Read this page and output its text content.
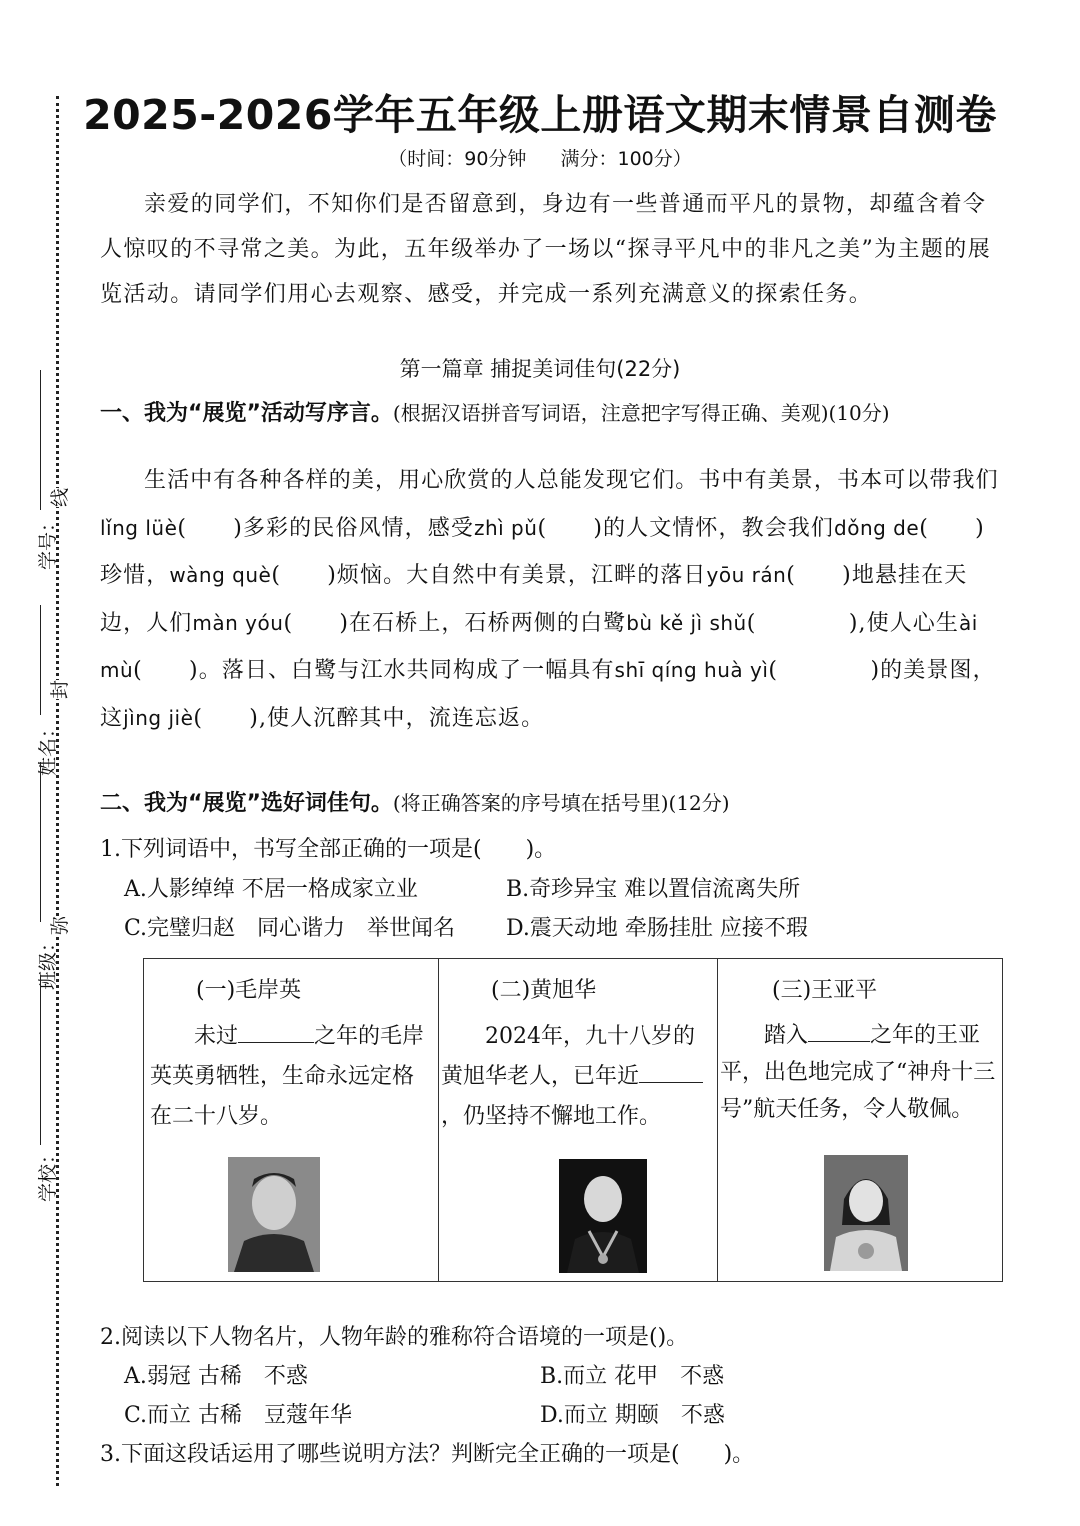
学号：
线
封
姓名：
弥
班级：
学校：
2025-2026学年五年级上册语文期末情景自测卷
（时间：90分钟 满分：100分）

亲爱的同学们，不知你们是否留意到，身边有一些普通而平凡的景物，却蕴含着令人惊叹的不寻常之美。为此，五年级举办了一场以“探寻平凡中的非凡之美”为主题的展览活动。请同学们用心去观察、感受，并完成一系列充满意义的探索任务。

第一篇章 捕捉美词佳句(22分)
一、我为“展览”活动写序言。(根据汉语拼音写词语，注意把字写得正确、美观)(10分)

生活中有各种各样的美，用心欣赏的人总能发现它们。书中有美景，书本可以带我们lǐng lüè(　　)多彩的民俗风情，感受zhì pǔ(　　)的人文情怀，教会我们dǒng de(　　)珍惜，wàng què(　　)烦恼。大自然中有美景，江畔的落日yōu rán(　　)地悬挂在天边，人们màn yóu(　　)在石桥上，石桥两侧的白鹭bù kě jì shǔ(　　　　),使人心生ài mù(　　)。落日、白鹭与江水共同构成了一幅具有shī qíng huà yì(　　　　)的美景图，这jìng jiè(　　),使人沉醉其中，流连忘返。

二、我为“展览”选好词佳句。(将正确答案的序号填在括号里)(12分)
1.下列词语中，书写全部正确的一项是(　　)。
A.人影绰绰 不居一格成家立业	B.奇珍异宝 难以置信流离失所
C.完璧归赵　同心谐力　举世闻名 D.震天动地 牵肠挂肚 应接不瑕
(一)毛岸英

未过	之年的毛岸英英勇牺牲，生命永远定格在二十八岁。

(二)黄旭华

2024年，九十八岁的黄旭华老人，已年近，仍坚持不懈地工作。

(三)王亚平

踏入	之年的王亚平，出色地完成了“神舟十三号”航天任务，令人敬佩。

2.阅读以下人物名片，人物年龄的雅称符合语境的一项是()。
A.弱冠 古稀　不惑	B.而立 花甲　不惑
C.而立 古稀　豆蔻年华	D.而立 期颐　不惑
3.下面这段话运用了哪些说明方法？判断完全正确的一项是(　　)。
